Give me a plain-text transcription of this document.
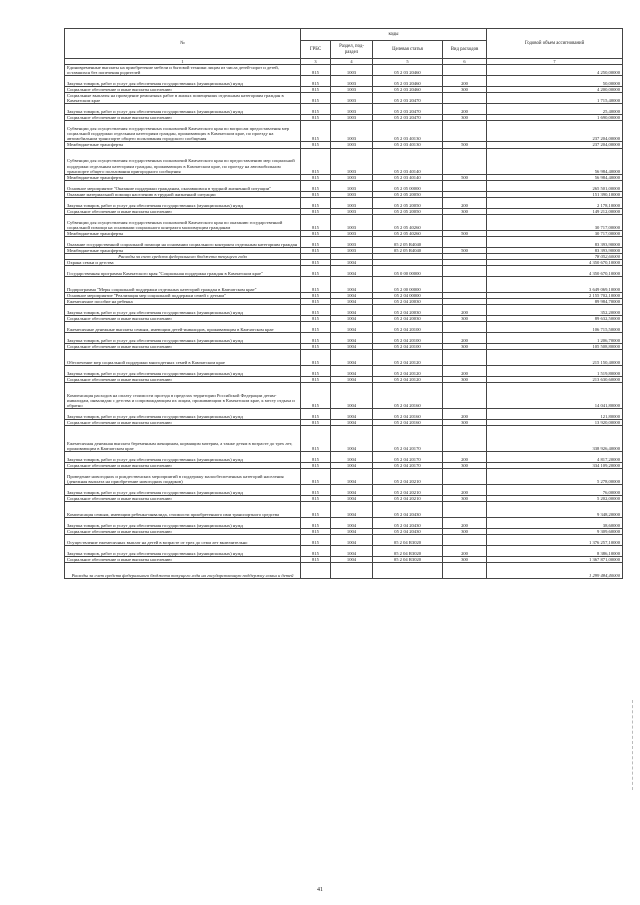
№	коды				Годовой объем ассигнований
	ГРБС	Раздел, под-раздел	Целевая статья	Вид расходов	
1	3	4	5	6	7
Единовременные выплаты на приобретение мебели и бытовой техники лицам из числа детей-сирот и детей, оставшихся без попечения родителей	815	1003	05 2 03 20460		4 250,00000
Закупка товаров, работ и услуг для обеспечения государственных (муниципальных) нужд	815	1003	05 2 03 20460	200	50,00000
Социальное обеспечение и иные выплаты населению	815	1003	05 2 03 20460	300	4 200,00000
Социальные выплаты на проведение ремонтных работ в жилых помещениях отдельным категориям граждан в Камчатском крае	815	1003	05 2 03 20470		1 715,40000
Закупка товаров, работ и услуг для обеспечения государственных (муниципальных) нужд	815	1003	05 2 03 20470	200	25,40000
Социальное обеспечение и иные выплаты населению	815	1003	05 2 03 20470	300	1 690,00000
Субвенции для осуществления государственных полномочий Камчатского края по вопросам предоставления мер социальной поддержки отдельным категориям граждан, проживающих в Камчатском крае, по проезду на автомобильном транспорте общего пользования городского сообщения	815	1003	05 2 03 40130		237 204,00000
Межбюджетные трансферты	815	1003	05 2 03 40130	500	237 204,00000
Субвенции для осуществления государственных полномочий Камчатского края по предоставлению мер социальной поддержки отдельным категориям граждан, проживающих в Камчатском крае, по проезду на автомобильном транспорте общего пользования пригородного сообщения	815	1003	05 2 03 40140		56 984,40000
Межбюджетные трансферты	815	1003	05 2 03 40140	500	56 984,40000
Основное мероприятие "Оказание поддержки гражданам, оказавшимся в трудной жизненной ситуации"	815	1003	05 2 05 00000		265 501,00000
Оказание материальной помощи населению в трудной жизненной ситуации	815	1003	05 2 05 20050		151 390,10000
Закупка товаров, работ и услуг для обеспечения государственных (муниципальных) нужд	815	1003	05 2 05 20050	200	2 178,10000
Социальное обеспечение и иные выплаты населению	815	1003	05 2 05 20050	300	149 212,00000
Субвенции для осуществления государственных полномочий Камчатского края по оказанию государственной социальной помощи на основании социального контракта малоимущим гражданам	815	1003	05 2 05 40260		30 717,00000
Межбюджетные трансферты	815	1003	05 2 05 40260	500	30 717,00000
Оказание государственной социальной помощи на основании социального контракта отдельным категориям граждан	815	1003	05 2 05 R4040		83 393,90000
Межбюджетные трансферты	815	1003	05 2 05 R4040	500	83 393,90000
Расходы за счет средств федерального бюджета текущего года					78 052,60000
Охрана семьи и детства	815	1004			4 350 670,10000
Государственная программа Камчатского края "Социальная поддержка граждан в Камчатском крае"	815	1004	05 0 00 00000		4 350 670,10000
Подпрограмма "Меры социальной поддержки отдельных категорий граждан в Камчатском крае"	815	1004	05 2 00 00000		3 649 069,10000
Основное мероприятие "Реализация мер социальной поддержки семей с детьми"	815	1004	05 2 04 00000		2 155 702,10000
Ежемесячное пособие на ребенка	815	1004	05 2 04 20030		89 984,70000
Закупка товаров, работ и услуг для обеспечения государственных (муниципальных) нужд	815	1004	05 2 04 20030	200	352,20000
Социальное обеспечение и иные выплаты населению	815	1004	05 2 04 20030	300	89 632,50000
Ежемесячные денежные выплаты семьям, имеющим детей-инвалидов, проживающим в Камчатском крае	815	1004	05 2 04 20100		106 715,50000
Закупка товаров, работ и услуг для обеспечения государственных (муниципальных) нужд	815	1004	05 2 04 20100	200	1 206,70000
Социальное обеспечение и иные выплаты населению	815	1004	05 2 04 20100	300	105 508,80000
Обеспечение мер социальной поддержки многодетных семей в Камчатском крае	815	1004	05 2 04 20120		215 150,40000
Закупка товаров, работ и услуг для обеспечения государственных (муниципальных) нужд	815	1004	05 2 04 20120	200	1 519,80000
Социальное обеспечение и иные выплаты населению	815	1004	05 2 04 20120	300	213 630,60000
Компенсация расходов на оплату стоимости проезда в пределах территории Российской Федерации детям-инвалидам, инвалидам с детства и сопровождающим их лицам, проживающим в Камчатском крае, к месту отдыха и обратно	815	1004	05 2 04 20160		14 041,80000
Закупка товаров, работ и услуг для обеспечения государственных (муниципальных) нужд	815	1004	05 2 04 20160	200	121,80000
Социальное обеспечение и иные выплаты населению	815	1004	05 2 04 20160	300	13 920,00000
Ежемесячная денежная выплата беременным женщинам, кормящим матерям, а также детям в возрасте до трех лет, проживающим в Камчатском крае	815	1004	05 2 04 20170		338 926,40000
Закупка товаров, работ и услуг для обеспечения государственных (муниципальных) нужд	815	1004	05 2 04 20170	200	4 817,20000
Социальное обеспечение и иные выплаты населению	815	1004	05 2 04 20170	300	334 109,20000
Проведение новогодних и рождественских мероприятий в поддержку малообеспеченных категорий населения (денежная выплата на приобретение новогодних подарков)	815	1004	05 2 04 20210		5 278,00000
Закупка товаров, работ и услуг для обеспечения государственных (муниципальных) нужд	815	1004	05 2 04 20210	200	76,00000
Социальное обеспечение и иные выплаты населению	815	1004	05 2 04 20210	300	5 202,00000
Компенсация семьям, имеющим ребенка-инвалида, стоимости приобретенного ими транспортного средства	815	1004	05 2 04 20430		9 348,20000
Закупка товаров, работ и услуг для обеспечения государственных (муниципальных) нужд	815	1004	05 2 04 20430	200	38,60000
Социальное обеспечение и иные выплаты населению	815	1004	05 2 04 20430	300	9 309,60000
Осуществление ежемесячных выплат на детей в возрасте от трех до семи лет включительно	815	1004	05 2 04 R3020		1 376 257,10000
Закупка товаров, работ и услуг для обеспечения государственных (муниципальных) нужд	815	1004	05 2 04 R3020	200	8 386,10000
Социальное обеспечение и иные выплаты населению	815	1004	05 2 04 R3020	300	1 367 871,00000
Расходы за счет средств федерального бюджета текущего года на государственную поддержку семьи и детей					1 299 484,40000
41
